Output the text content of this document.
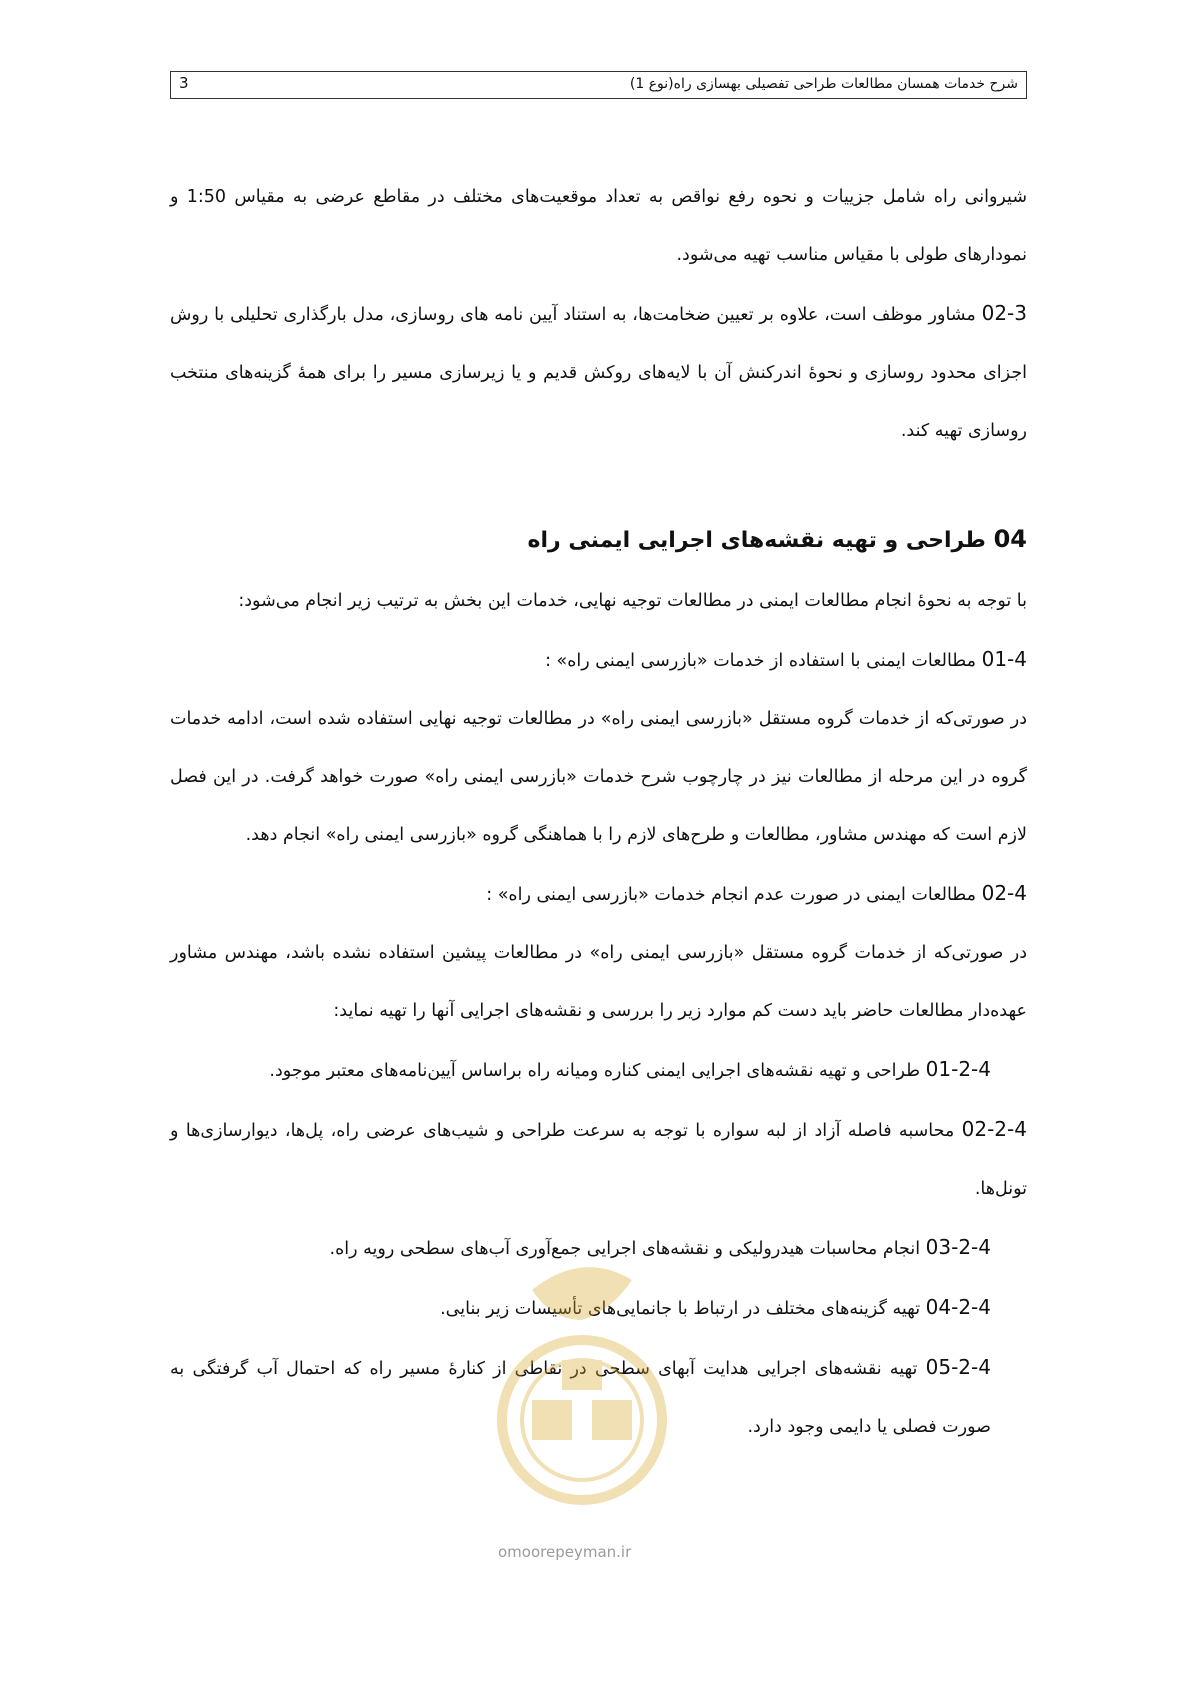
3	شرح خدمات همسان مطالعات طراحی تفصیلی بهسازی راه(نوع 1)

شیروانی راه شامل جزییات و نحوه رفع نواقص به تعداد موقعیت‌های مختلف در مقاطع عرضی به مقیاس 1:50 و نمودارهای طولی با مقیاس مناسب تهیه می‌شود.

02-3 مشاور موظف است، علاوه بر تعیین ضخامت‌ها، به استناد آیین نامه های روسازی، مدل بارگذاری تحلیلی با روش اجزای محدود روسازی و نحوهٔ اندرکنش آن با لایه‌های روکش قدیم و یا زیرسازی مسیر را برای همهٔ گزینه‌های منتخب روسازی تهیه کند.

04 طراحی و تهیه نقشه‌های اجرایی ایمنی راه

با توجه به نحوهٔ انجام مطالعات ایمنی در مطالعات توجیه نهایی، خدمات این بخش به ترتیب زیر انجام می‌شود:

01-4 مطالعات ایمنی با استفاده از خدمات «بازرسی ایمنی راه» :

در صورتی‌که از خدمات گروه مستقل «بازرسی ایمنی راه» در مطالعات توجیه نهایی استفاده شده است، ادامه خدمات گروه در این مرحله از مطالعات نیز در چارچوب شرح خدمات «بازرسی ایمنی راه» صورت خواهد گرفت. در این فصل لازم است که مهندس مشاور، مطالعات و طرح‌های لازم را با هماهنگی گروه «بازرسی ایمنی راه» انجام دهد.

02-4 مطالعات ایمنی در صورت عدم انجام خدمات «بازرسی ایمنی راه» :

در صورتی‌که از خدمات گروه مستقل «بازرسی ایمنی راه» در مطالعات پیشین استفاده نشده باشد، مهندس مشاور عهده‌دار مطالعات حاضر باید دست کم موارد زیر را بررسی و نقشه‌های اجرایی آنها را تهیه نماید:

01-2-4 طراحی و تهیه نقشه‌های اجرایی ایمنی کناره ومیانه راه براساس آیین‌نامه‌های معتبر موجود.

02-2-4 محاسبه فاصله آزاد از لبه سواره با توجه به سرعت طراحی و شیب‌های عرضی راه، پل‌ها، دیوارسازی‌ها و تونل‌ها.

03-2-4 انجام محاسبات هیدرولیکی و نقشه‌های اجرایی جمع‌آوری آب‌های سطحی رویه راه.

04-2-4 تهیه گزینه‌های مختلف در ارتباط با جانمایی‌های تأسیسات زیر بنایی.

05-2-4 تهیه نقشه‌های اجرایی هدایت آبهای سطحی در نقاطی از کنارهٔ مسیر راه که احتمال آب گرفتگی به صورت فصلی یا دایمی وجود دارد.

omoorepeyman.ir
